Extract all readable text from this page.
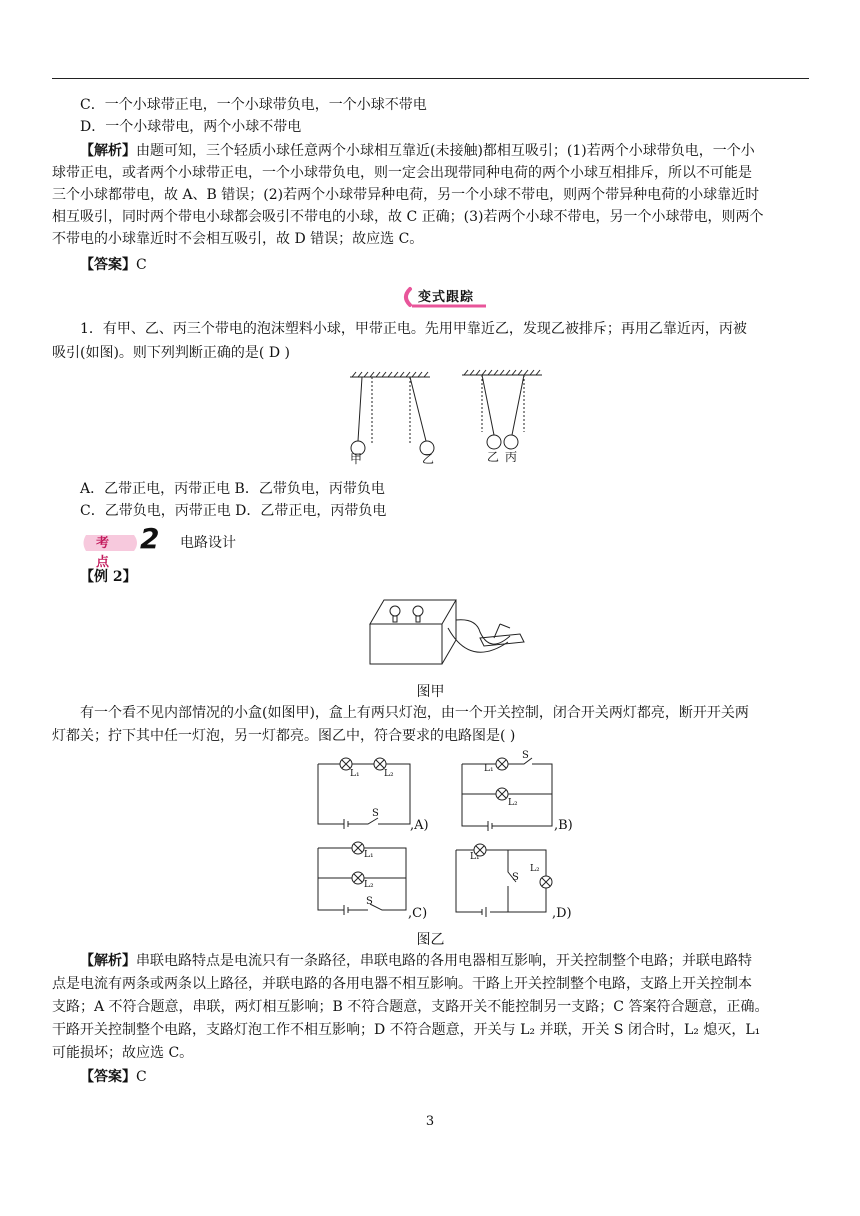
C．一个小球带正电，一个小球带负电，一个小球不带电
D．一个小球带电，两个小球不带电
【解析】由题可知，三个轻质小球任意两个小球相互靠近(未接触)都相互吸引；(1)若两个小球带负电，一个小
球带正电，或者两个小球带正电，一个小球带负电，则一定会出现带同种电荷的两个小球互相排斥，所以不可能是
三个小球都带电，故 A、B 错误；(2)若两个小球带异种电荷，另一个小球不带电，则两个带异种电荷的小球靠近时
相互吸引，同时两个带电小球都会吸引不带电的小球，故 C 正确；(3)若两个小球不带电，另一个小球带电，则两个
不带电的小球靠近时不会相互吸引，故 D 错误；故应选 C。
【答案】C
变式跟踪
1．有甲、乙、丙三个带电的泡沫塑料小球，甲带正电。先用甲靠近乙，发现乙被排斥；再用乙靠近丙，丙被
吸引(如图)。则下列判断正确的是( D )
甲	乙	乙 丙
A．乙带正电，丙带正电 B．乙带负电，丙带负电
C．乙带负电，丙带正电 D．乙带正电，丙带负电
考点
2 电路设计
【例 2】
图甲
有一个看不见内部情况的小盒(如图甲)，盒上有两只灯泡，由一个开关控制，闭合开关两灯都亮，断开开关两
灯都关；拧下其中任一灯泡，另一灯都亮。图乙中，符合要求的电路图是( )
L₁	L₂
S
,A)
L₁
S
L₂
,B)
L₁
L₂
S
,C)
L₁
S
L₂
,D)
图乙
【解析】串联电路特点是电流只有一条路径，串联电路的各用电器相互影响，开关控制整个电路；并联电路特
点是电流有两条或两条以上路径，并联电路的各用电器不相互影响。干路上开关控制整个电路，支路上开关控制本
支路；A 不符合题意，串联，两灯相互影响；B 不符合题意，支路开关不能控制另一支路；C 答案符合题意，正确。
干路开关控制整个电路，支路灯泡工作不相互影响；D 不符合题意，开关与 L₂ 并联，开关 S 闭合时，L₂ 熄灭，L₁
可能损坏；故应选 C。
【答案】C
3
